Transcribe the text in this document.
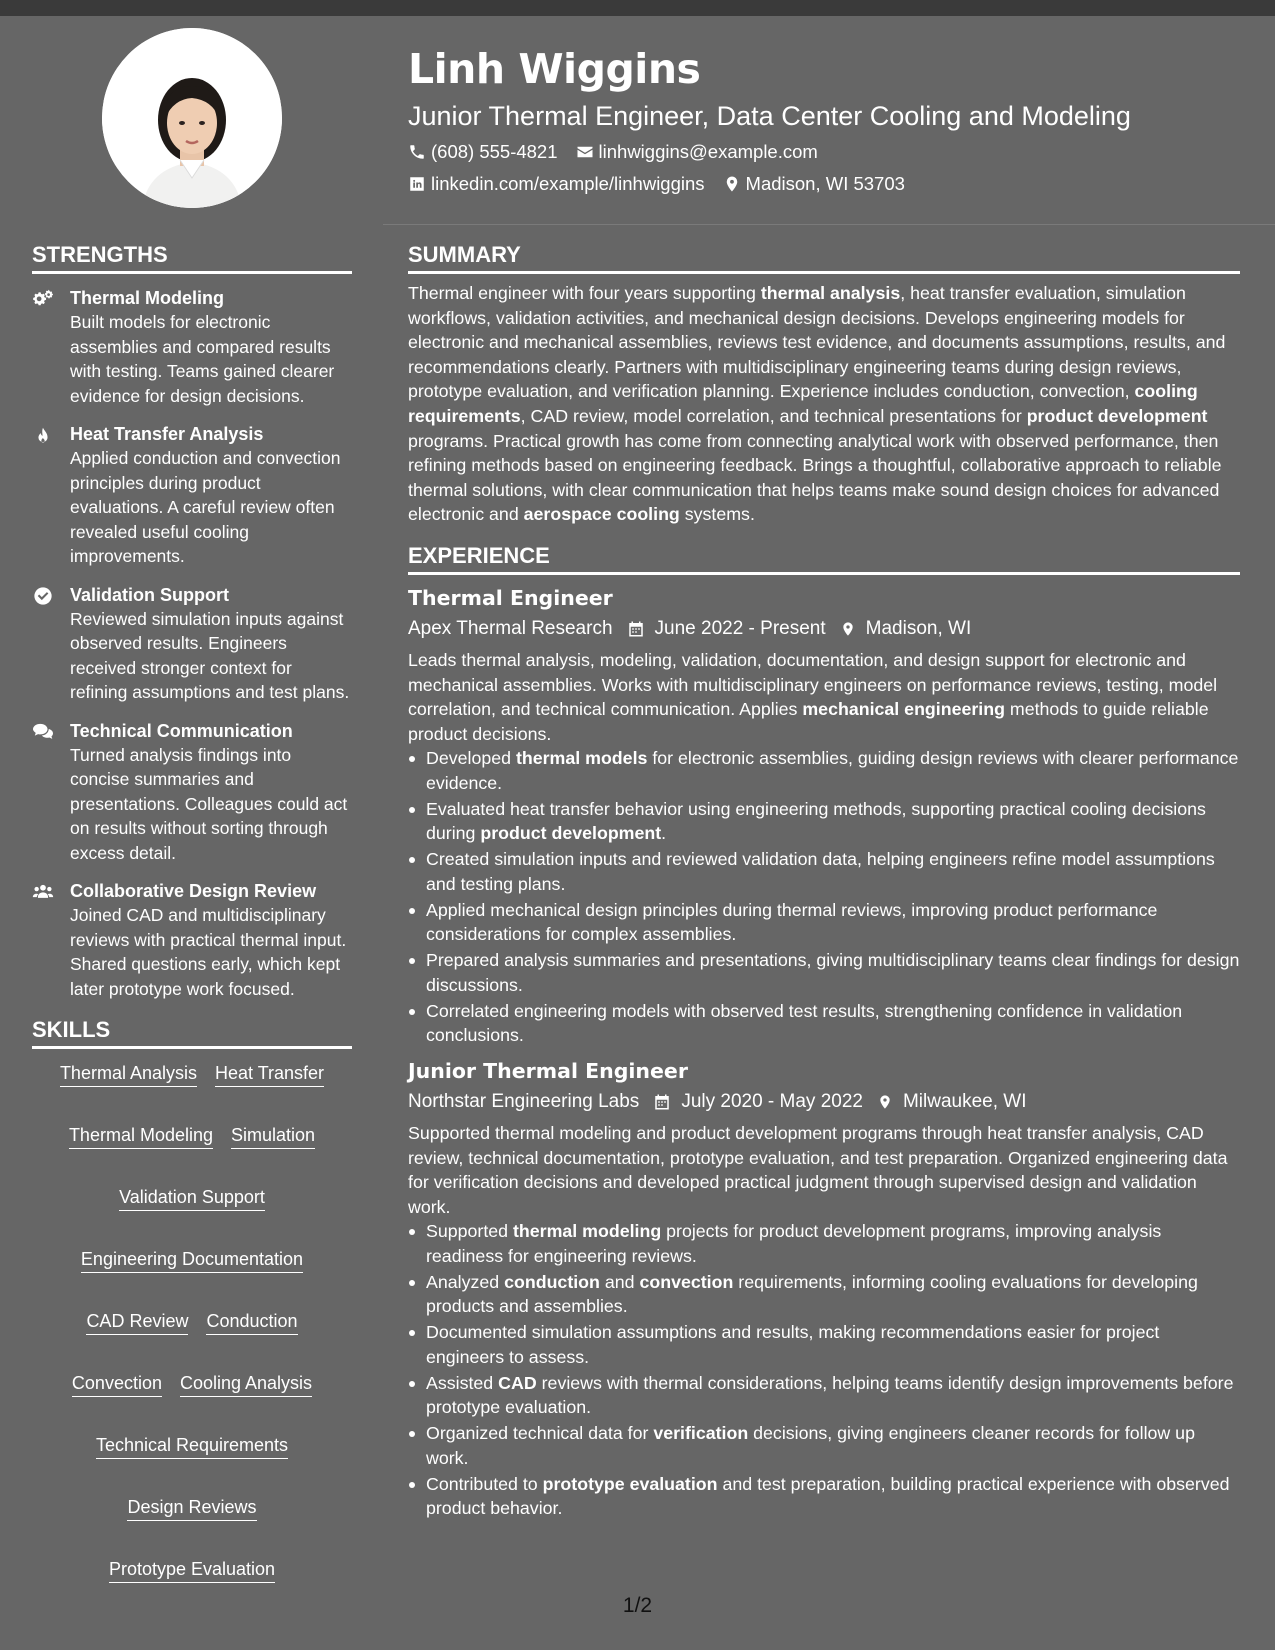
Linh Wiggins
Junior Thermal Engineer, Data Center Cooling and Modeling
(608) 555-4821 linhwiggins@example.com
linkedin.com/example/linhwiggins Madison, WI 53703
STRENGTHS
Thermal Modeling
Built models for electronic assemblies and compared results with testing. Teams gained clearer evidence for design decisions.
Heat Transfer Analysis
Applied conduction and convection principles during product evaluations. A careful review often revealed useful cooling improvements.
Validation Support
Reviewed simulation inputs against observed results. Engineers received stronger context for refining assumptions and test plans.
Technical Communication
Turned analysis findings into concise summaries and presentations. Colleagues could act on results without sorting through excess detail.
Collaborative Design Review
Joined CAD and multidisciplinary reviews with practical thermal input. Shared questions early, which kept later prototype work focused.
SKILLS
Thermal Analysis Heat Transfer
Thermal Modeling Simulation
Validation Support
Engineering Documentation
CAD Review Conduction
Convection Cooling Analysis
Technical Requirements
Design Reviews
Prototype Evaluation
SUMMARY

Thermal engineer with four years supporting thermal analysis, heat transfer evaluation, simulation workflows, validation activities, and mechanical design decisions. Develops engineering models for electronic and mechanical assemblies, reviews test evidence, and documents assumptions, results, and recommendations clearly. Partners with multidisciplinary engineering teams during design reviews, prototype evaluation, and verification planning. Experience includes conduction, convection, cooling requirements, CAD review, model correlation, and technical presentations for product development programs. Practical growth has come from connecting analytical work with observed performance, then refining methods based on engineering feedback. Brings a thoughtful, collaborative approach to reliable thermal solutions, with clear communication that helps teams make sound design choices for advanced electronic and aerospace cooling systems.

EXPERIENCE
Thermal Engineer
Apex Thermal Research June 2022 - Present Madison, WI

Leads thermal analysis, modeling, validation, documentation, and design support for electronic and mechanical assemblies. Works with multidisciplinary engineers on performance reviews, testing, model correlation, and technical communication. Applies mechanical engineering methods to guide reliable product decisions.

Developed thermal models for electronic assemblies, guiding design reviews with clearer performance evidence.
Evaluated heat transfer behavior using engineering methods, supporting practical cooling decisions during product development.
Created simulation inputs and reviewed validation data, helping engineers refine model assumptions and testing plans.
Applied mechanical design principles during thermal reviews, improving product performance considerations for complex assemblies.
Prepared analysis summaries and presentations, giving multidisciplinary teams clear findings for design discussions.
Correlated engineering models with observed test results, strengthening confidence in validation conclusions.
Junior Thermal Engineer
Northstar Engineering Labs July 2020 - May 2022 Milwaukee, WI

Supported thermal modeling and product development programs through heat transfer analysis, CAD review, technical documentation, prototype evaluation, and test preparation. Organized engineering data for verification decisions and developed practical judgment through supervised design and validation work.

Supported thermal modeling projects for product development programs, improving analysis readiness for engineering reviews.
Analyzed conduction and convection requirements, informing cooling evaluations for developing products and assemblies.
Documented simulation assumptions and results, making recommendations easier for project engineers to assess.
Assisted CAD reviews with thermal considerations, helping teams identify design improvements before prototype evaluation.
Organized technical data for verification decisions, giving engineers cleaner records for follow up work.
Contributed to prototype evaluation and test preparation, building practical experience with observed product behavior.
1/2
